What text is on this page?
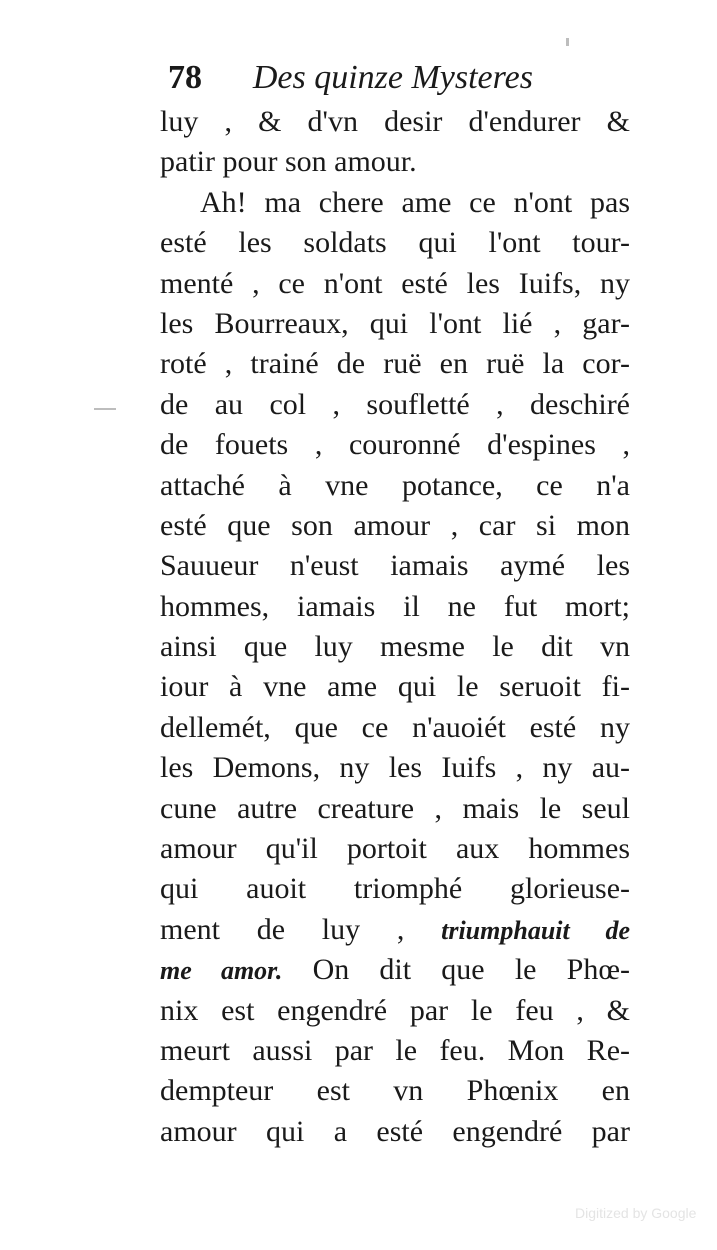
78 Des quinze Mysteres
luy , & d'vn desir d'endurer &
patir pour son amour.
Ah! ma chere ame ce n'ont pas
esté les soldats qui l'ont tour-
menté , ce n'ont esté les Iuifs, ny
les Bourreaux, qui l'ont lié , gar-
roté , trainé de ruë en ruë la cor-
de au col , soufletté , deschiré
de fouets , couronné d'espines ,
attaché à vne potance, ce n'a
esté que son amour , car si mon
Sauueur n'eust iamais aymé les
hommes, iamais il ne fut mort;
ainsi que luy mesme le dit vn
iour à vne ame qui le seruoit fi-
dellemét, que ce n'auoiét esté ny
les Demons, ny les Iuifs , ny au-
cune autre creature , mais le seul
amour qu'il portoit aux hommes
qui auoit triomphé glorieuse-
ment de luy , triumphauit de
me amor. On dit que le Phœ-
nix est engendré par le feu , &
meurt aussi par le feu. Mon Re-
dempteur est vn Phœnix en
amour qui a esté engendré par
Digitized by Google
